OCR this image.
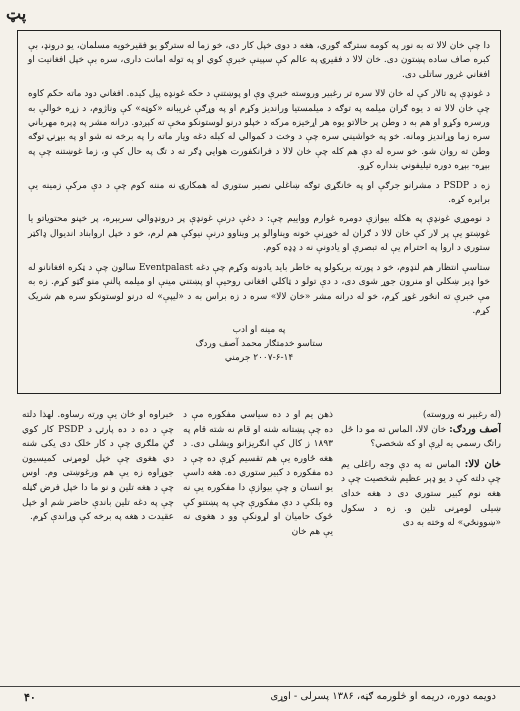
پټ

دا چې خان لالا ته به نور په کومه سترګه ګوري، هغه د دوی خپل کار دی، خو زما له سترګو یو فقیرخویه مسلمان، یو درونډ، بې کبره صاف ساده پښتون دی. خان لالا د فقیرۍ په عالم کې سپینې خبرې کوي او په توله امانت داری، سره بې خپل افغانیت او افغاني غرور ساتلی دی.

د غونډې په تالار کې له خان لالا سره تر رغبیر وروسته خبرې وې او پوښتنې د حکه غونډه پیل کیده. افغاني دود ماته حکم کاوه چې خان لالا ته د یوه ګران میلمه په توګه د میلمستیا ورانديز وکړم او په وړګې غریبانه «کوټه» کې وناژوم، د زړه خوالې به ورسره وکړو او هم به د وطن پر حالاتو یوه هر اړخیزه مرکه د خپلو درنو لوستونکو مخې ته کېږدو. درانه مشر په ډېره مهرباني سره زما وړاندیز ومانه. خو په خواشیني سره چې د وخت د کموالي له کبله دغه ویار ماته را په برخه نه شو او په بېړنۍ توګه وطن ته روان شو. خو سره له دې هم کله چې خان لالا د فرانکفورت هوايي ډګر ته د تګ په حال کې و، زما غوښتنه چې په بېړه- بېړه دوره تیلیفوني بنداره کړو.

زه د PSDP د مشرانو جرګې او په خانګړي توګه ښاغلي نصیر ستوري له همکارۍ نه مننه کوم چې د دې مرکې زمینه یې برابره کړه.

د نوموړي غونډې په هکله بیوازې دومره غوارم وواییم چې: د دغې درنې غونډې پر درونډوالي سربېره، پر خپنو محتویاتو یا غوښتو یې پر لار کې خان لالا د ګران له خوړنې خونه ویناوالو پر ویناوو درنې نیوکې هم لرم، خو د خپل اروابناد اندیوال ډاکټر ستوري د اروا په احترام یې له تبصرې او یادونې نه د ډډه کوم.

ستاسې انتظار هم لنډوم، خو د پورته بریکولو په خاطر باید یادونه وکړم چې دغه Eventpalast سالون چې د ټکره افغانانو له خوا ډیر ښکلي او منرون جوړ شوی دی، د دې تولو د ټاکلي افغانی روحیې او پښتني مینې او میلمه پالنې منو ګټو کړم. زه به مې خبرې ته انځور غوړ کړم، خو له درانه مشر «خان لالا» سره د زه براس به د «لیپې» له درنو لوستونکو سره هم شریک کړم.

په مینه او ادب
ستاسو خدمتګار محمد آصف وردګ
۲۰۰۷-۶-۱۴ جرمني

(له رغبېر نه وروسته)

آصف وردګ: خان لالا، الماس ته مو دا ځل راتګ رسمي یه لږې او که شخصي؟
خان لالا: الماس ته په دې وجه راغلی یم چې دلته کې د یو ډېر عظیم شخصیت چې د هغه نوم کبیر ستوري دی د هغه خدای ښیلی لومړنی تلین و. زه د سکول «ښوونځي» له وخته به دی

ذهن یم او د ده سیاسي مفکوره مې د ده چې پښتانه شنه او قام نه شته قام په ۱۸۹۳ ز کال کې انګریزانو ويشلی دی. د هغه ځاوره یې هم تقسیم کړې ده چې د ده مفکوره د کبیر ستوري ده. هغه داسې یو انسان و چې بیوازې دا مفکوره یې نه وه بلکې د دې مفکورې چې په پښتنو کې څوک حامیان او لړونکې وو د هغوی نه یې هم خان

خبراوه او خان یې ورته رساوه. لهذا دلته چې د ده د ده پارتۍ د PSDP کار کوي ګڼ ملګري چې د کار خلک دی یکی شنه دي هغوی چې خپل لومړنی کمیسیون جوړاوه زه یې هم ورغوښتی وم. اوس چې د هغه تلین و نو ما دا خپل فرض ګڼله چې په دغه تلین باندې حاضر شم او خپل عقیدت د هغه په برخه کې وړاندې کړم.

۴۰	دویمه دوره، دریمه او څلورمه ګڼه، ۱۳۸۶ پسرلی - اوړی
